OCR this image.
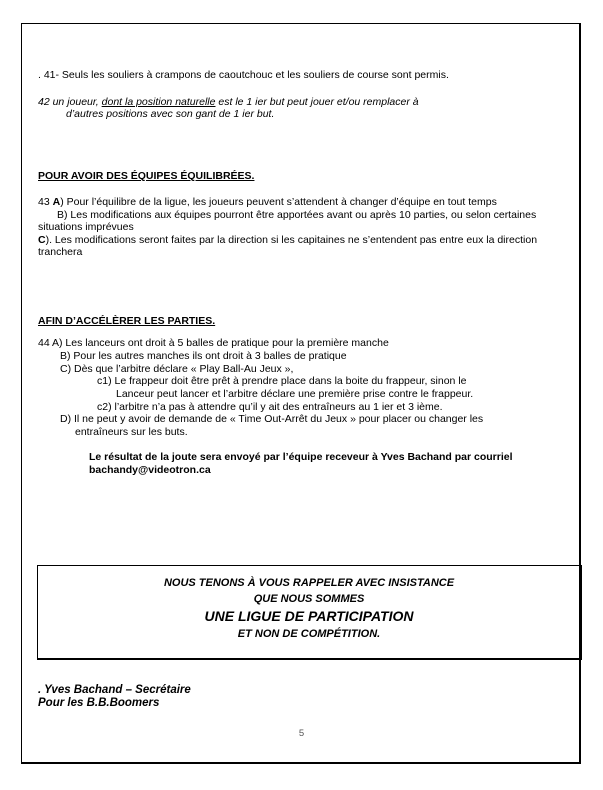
. 41- Seuls les souliers à crampons de caoutchouc et les souliers de course sont permis.
42 un joueur, dont la position naturelle est le 1 ier but peut jouer et/ou remplacer à
d’autres positions avec son gant de 1 ier but.
POUR AVOIR DES ÉQUIPES ÉQUILIBRÉES.
43 A) Pour l’équilibre de la ligue, les joueurs peuvent s’attendent à changer d’équipe en tout temps
B) Les modifications aux équipes pourront être apportées avant ou après 10 parties, ou selon certaines
situations imprévues
C). Les modifications seront faites par la direction si les capitaines ne s’entendent pas entre eux la direction
tranchera
AFIN D’ACCÉLÈRER LES PARTIES.
44 A) Les lanceurs ont droit à 5 balles de pratique pour la première manche
B) Pour les autres manches ils ont droit à 3 balles de pratique
C) Dès que l’arbitre déclare « Play Ball-Au Jeux »,
c1) Le frappeur doit être prêt à prendre place dans la boite du frappeur, sinon le
Lanceur peut lancer et l’arbitre déclare une première prise contre le frappeur.
c2) l’arbitre n’a pas à attendre qu’il y ait des entraîneurs au 1 ier et 3 ième.
D) Il ne peut y avoir de demande de « Time Out-Arrêt du Jeux » pour placer ou changer les
entraîneurs sur les buts.
Le résultat de la joute sera envoyé par l’équipe receveur à Yves Bachand par courriel
bachandy@videotron.ca
NOUS TENONS À VOUS RAPPELER AVEC INSISTANCE
QUE NOUS SOMMES
UNE LIGUE DE PARTICIPATION
ET NON DE COMPÉTITION.
. Yves Bachand – Secrétaire
Pour les B.B.Boomers
5
